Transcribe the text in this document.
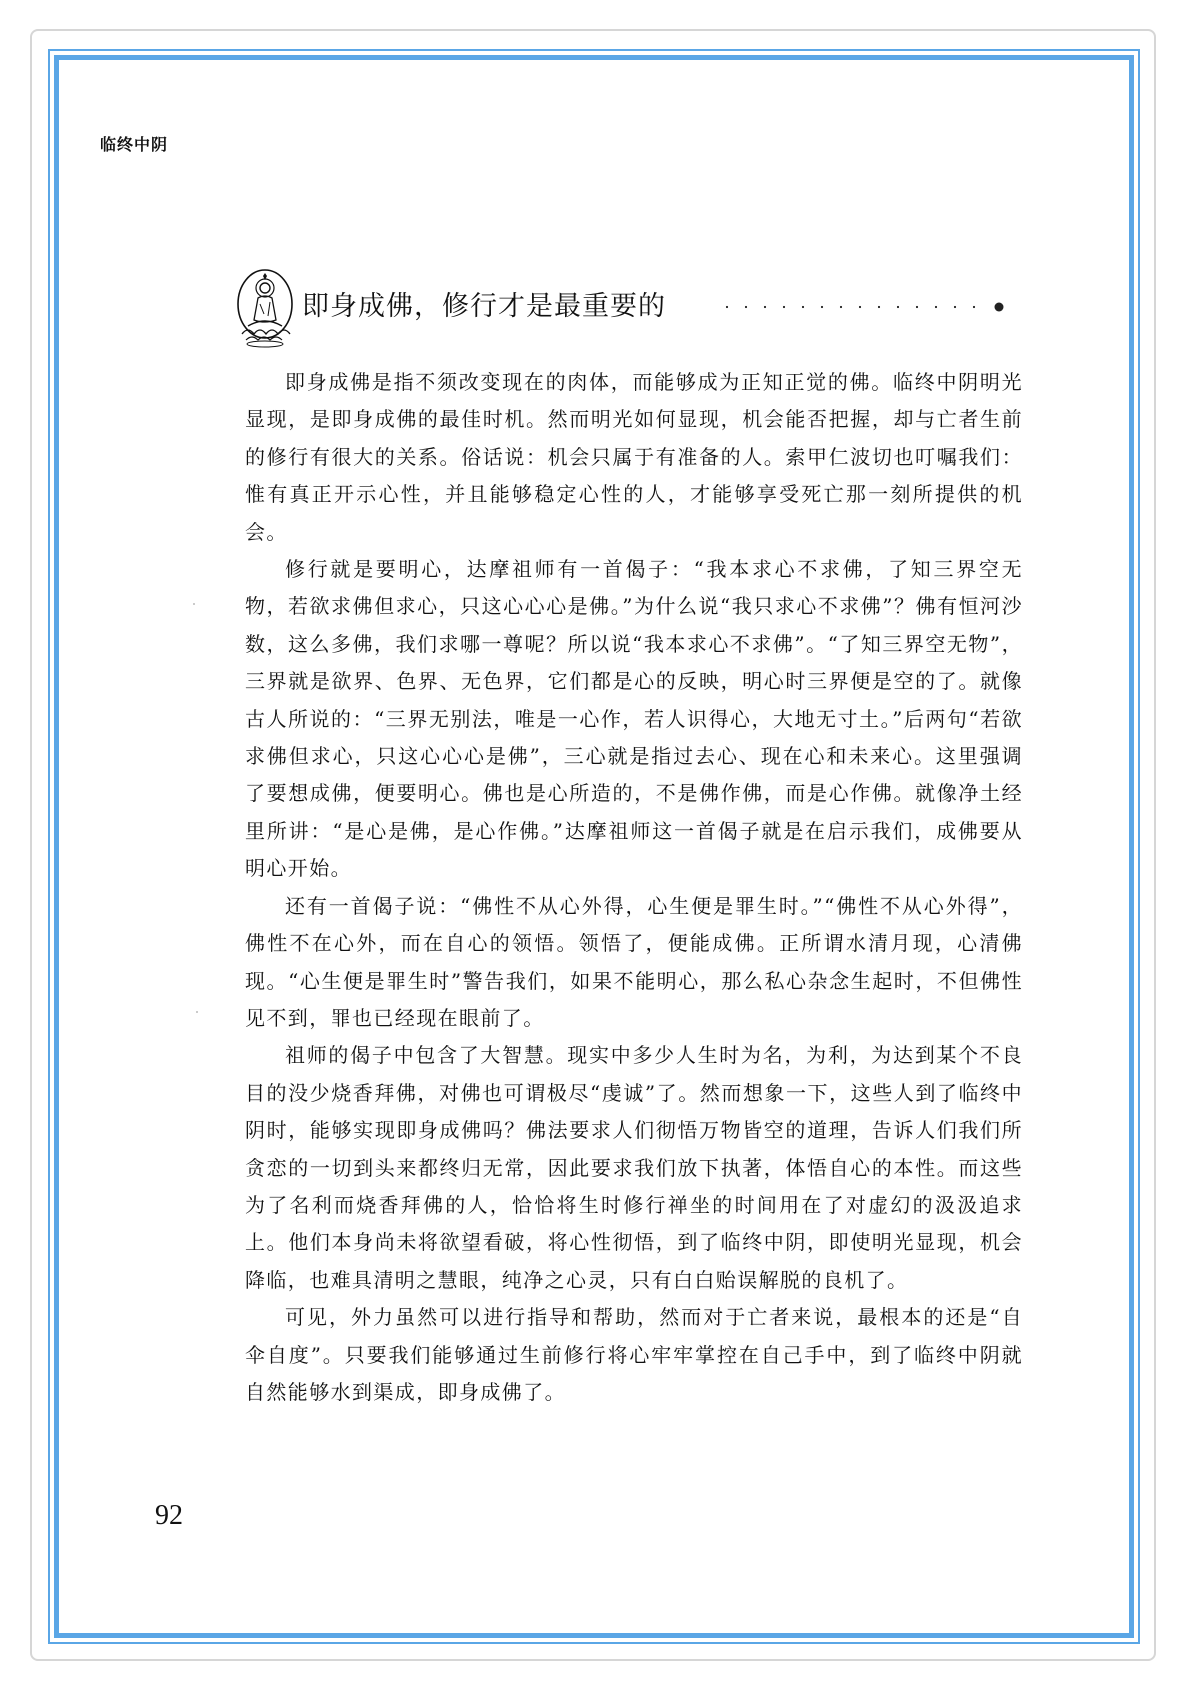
临终中阴
即身成佛，修行才是最重要的

即身成佛是指不须改变现在的肉体，而能够成为正知正觉的佛。临终中阴明光显现，是即身成佛的最佳时机。然而明光如何显现，机会能否把握，却与亡者生前的修行有很大的关系。俗话说：机会只属于有准备的人。索甲仁波切也叮嘱我们：惟有真正开示心性，并且能够稳定心性的人，才能够享受死亡那一刻所提供的机会。

修行就是要明心，达摩祖师有一首偈子：“我本求心不求佛，了知三界空无物，若欲求佛但求心，只这心心心是佛。”为什么说“我只求心不求佛”？佛有恒河沙数，这么多佛，我们求哪一尊呢？所以说“我本求心不求佛”。“了知三界空无物”，三界就是欲界、色界、无色界，它们都是心的反映，明心时三界便是空的了。就像古人所说的：“三界无别法，唯是一心作，若人识得心，大地无寸土。”后两句“若欲求佛但求心，只这心心心是佛”，三心就是指过去心、现在心和未来心。这里强调了要想成佛，便要明心。佛也是心所造的，不是佛作佛，而是心作佛。就像净土经里所讲：“是心是佛，是心作佛。”达摩祖师这一首偈子就是在启示我们，成佛要从明心开始。

还有一首偈子说：“佛性不从心外得，心生便是罪生时。”“佛性不从心外得”，佛性不在心外，而在自心的领悟。领悟了，便能成佛。正所谓水清月现，心清佛现。“心生便是罪生时”警告我们，如果不能明心，那么私心杂念生起时，不但佛性见不到，罪也已经现在眼前了。

祖师的偈子中包含了大智慧。现实中多少人生时为名，为利，为达到某个不良目的没少烧香拜佛，对佛也可谓极尽“虔诚”了。然而想象一下，这些人到了临终中阴时，能够实现即身成佛吗？佛法要求人们彻悟万物皆空的道理，告诉人们我们所贪恋的一切到头来都终归无常，因此要求我们放下执著，体悟自心的本性。而这些为了名利而烧香拜佛的人，恰恰将生时修行禅坐的时间用在了对虚幻的汲汲追求上。他们本身尚未将欲望看破，将心性彻悟，到了临终中阴，即使明光显现，机会降临，也难具清明之慧眼，纯净之心灵，只有白白贻误解脱的良机了。

可见，外力虽然可以进行指导和帮助，然而对于亡者来说，最根本的还是“自伞自度”。只要我们能够通过生前修行将心牢牢掌控在自己手中，到了临终中阴就自然能够水到渠成，即身成佛了。

92
